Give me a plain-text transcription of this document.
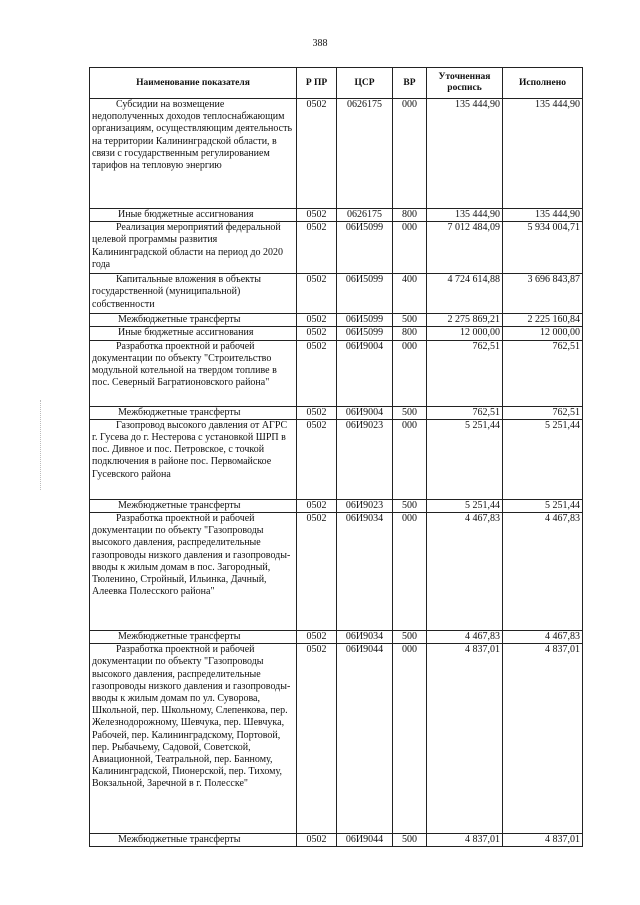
388
Наименование показателя	Р ПР	ЦСР	ВР	Уточненная роспись	Исполнено
Субсидии на возмещение недополученных доходов теплоснабжающим организациям, осуществляющим деятельность на территории Калининградской области, в связи с государственным регулированием тарифов на тепловую энергию	0502	0626175	000	135 444,90	135 444,90
Иные бюджетные ассигнования	0502	0626175	800	135 444,90	135 444,90
Реализация мероприятий федеральной целевой программы развития Калининградской области на период до 2020 года	0502	06И5099	000	7 012 484,09	5 934 004,71
Капитальные вложения в объекты государственной (муниципальной) собственности	0502	06И5099	400	4 724 614,88	3 696 843,87
Межбюджетные трансферты	0502	06И5099	500	2 275 869,21	2 225 160,84
Иные бюджетные ассигнования	0502	06И5099	800	12 000,00	12 000,00
Разработка проектной и рабочей документации по объекту "Строительство модульной котельной на твердом топливе в пос. Северный Багратионовского района"	0502	06И9004	000	762,51	762,51
Межбюджетные трансферты	0502	06И9004	500	762,51	762,51
Газопровод высокого давления от АГРС г. Гусева до г. Нестерова с установкой ШРП в пос. Дивное и пос. Петровское, с точкой подключения в районе пос. Первомайское Гусевского района	0502	06И9023	000	5 251,44	5 251,44
Межбюджетные трансферты	0502	06И9023	500	5 251,44	5 251,44
Разработка проектной и рабочей документации по объекту "Газопроводы высокого давления, распределительные газопроводы низкого давления и газопроводы-вводы к жилым домам в пос. Загородный, Тюленино, Стройный, Ильинка, Дачный, Алеевка Полесского района"	0502	06И9034	000	4 467,83	4 467,83
Межбюджетные трансферты	0502	06И9034	500	4 467,83	4 467,83
Разработка проектной и рабочей документации по объекту "Газопроводы высокого давления, распределительные газопроводы низкого давления и газопроводы-вводы к жилым домам по ул. Суворова, Школьной, пер. Школьному, Слепенкова, пер. Железнодорожному, Шевчука, пер. Шевчука, Рабочей, пер. Калининградскому, Портовой, пер. Рыбачьему, Садовой, Советской, Авиационной, Театральной, пер. Банному, Калининградской, Пионерской, пер. Тихому, Вокзальной, Заречной в г. Полесске"	0502	06И9044	000	4 837,01	4 837,01
Межбюджетные трансферты	0502	06И9044	500	4 837,01	4 837,01
